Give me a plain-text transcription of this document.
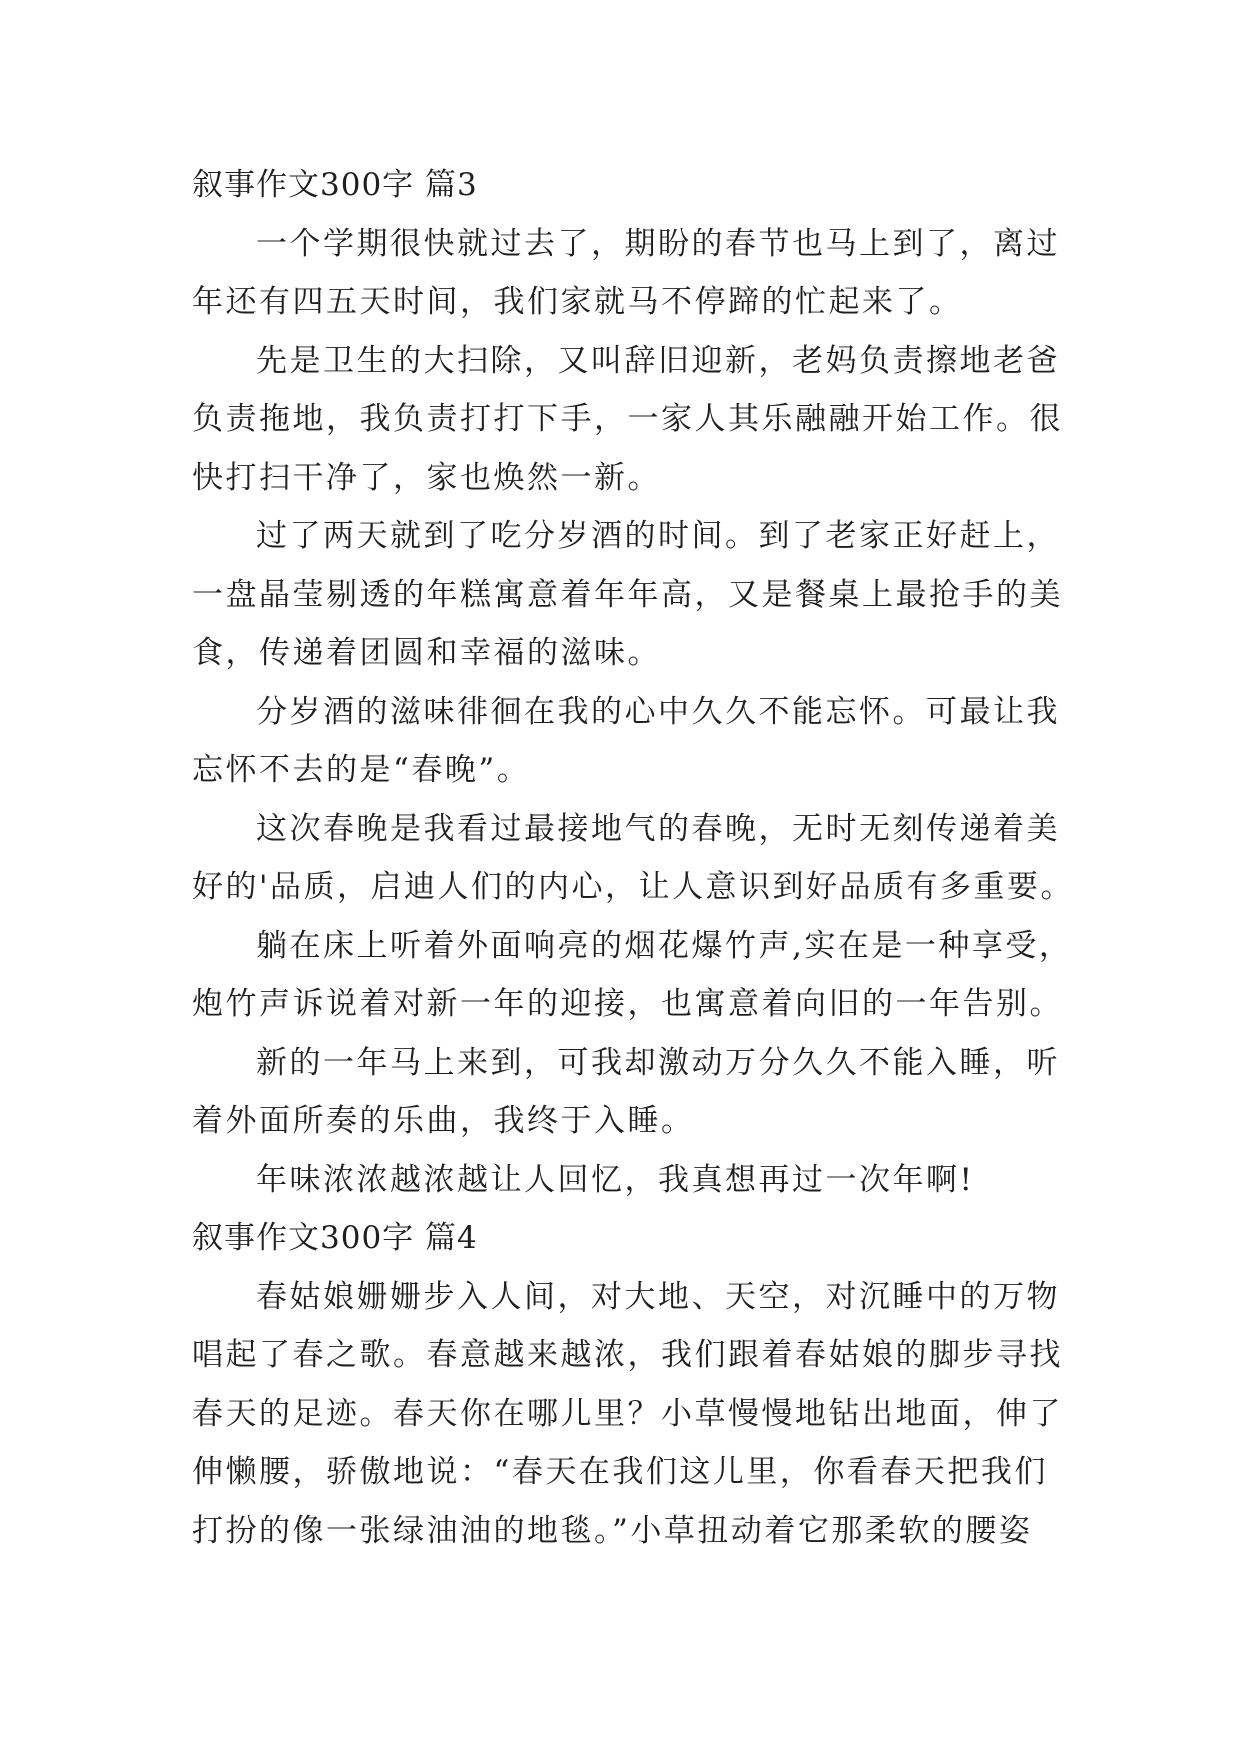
叙事作文300字 篇3
一个学期很快就过去了，期盼的春节也马上到了，离过
年还有四五天时间，我们家就马不停蹄的忙起来了。
先是卫生的大扫除，又叫辞旧迎新，老妈负责擦地老爸
负责拖地，我负责打打下手，一家人其乐融融开始工作。很
快打扫干净了，家也焕然一新。
过了两天就到了吃分岁酒的时间。到了老家正好赶上，
一盘晶莹剔透的年糕寓意着年年高，又是餐桌上最抢手的美
食，传递着团圆和幸福的滋味。
分岁酒的滋味徘徊在我的心中久久不能忘怀。可最让我
忘怀不去的是“春晚”。
这次春晚是我看过最接地气的春晚，无时无刻传递着美
好的'品质，启迪人们的内心，让人意识到好品质有多重要。
躺在床上听着外面响亮的烟花爆竹声,实在是一种享受，
炮竹声诉说着对新一年的迎接，也寓意着向旧的一年告别。
新的一年马上来到，可我却激动万分久久不能入睡，听
着外面所奏的乐曲，我终于入睡。
年味浓浓越浓越让人回忆，我真想再过一次年啊!
叙事作文300字 篇4
春姑娘姗姗步入人间，对大地、天空，对沉睡中的万物
唱起了春之歌。春意越来越浓，我们跟着春姑娘的脚步寻找
春天的足迹。春天你在哪儿里？小草慢慢地钻出地面，伸了
伸懒腰，骄傲地说：“春天在我们这儿里，你看春天把我们
打扮的像一张绿油油的地毯。”小草扭动着它那柔软的腰姿
